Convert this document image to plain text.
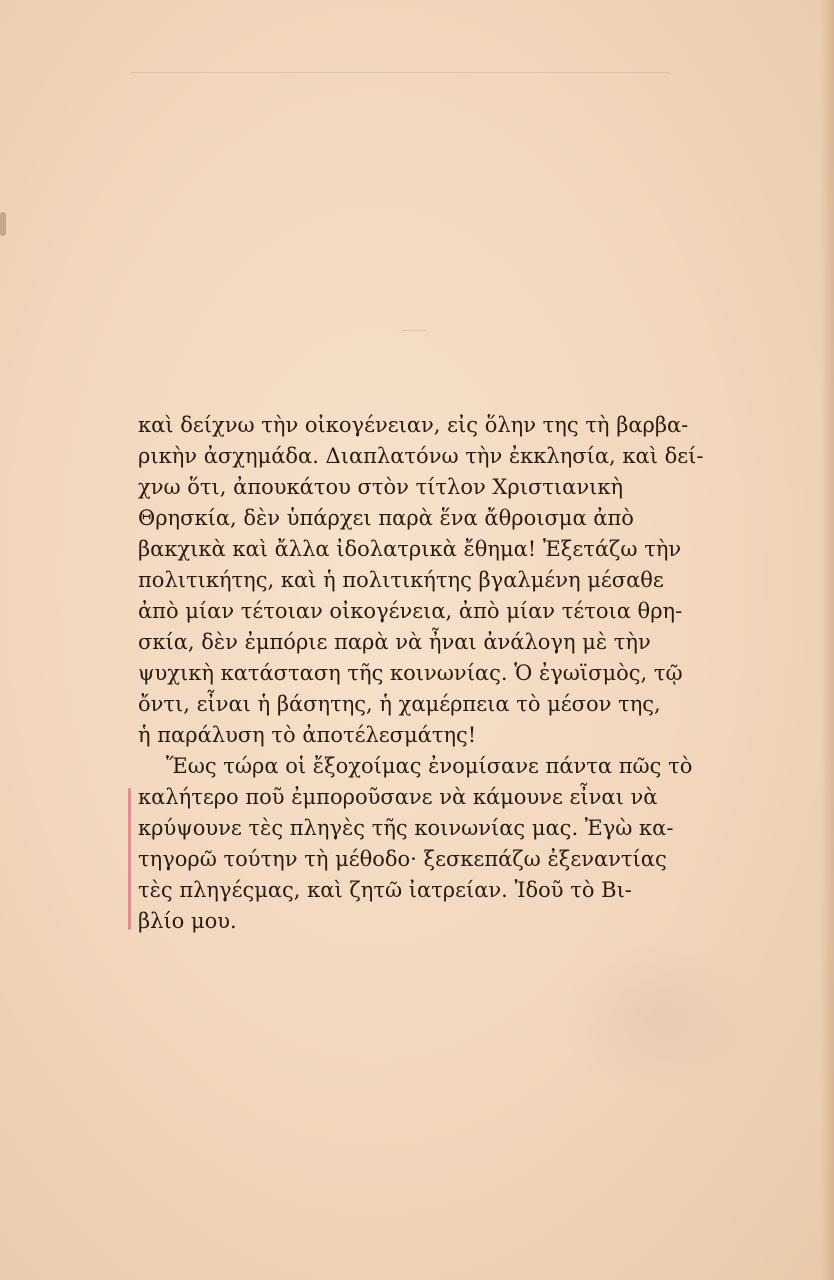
καὶ δείχνω τὴν οἰκογένειαν, εἰς ὅλην της τὴ βαρβα-
ρικὴν ἀσχημάδα. Διαπλατόνω τὴν ἐκκλησία, καὶ δεί-
χνω ὅτι, ἀπουκάτου στὸν τίτλον Χριστιανικὴ
Θρησκία, δὲν ὑπάρχει παρὰ ἕνα ἄθροισμα ἀπὸ
βακχικὰ καὶ ἄλλα ἰδολατρικὰ ἔθημα! Ἐξετάζω τὴν
πολιτικήτης, καὶ ἡ πολιτικήτης βγαλμένη μέσαθε
ἀπὸ μίαν τέτοιαν οἰκογένεια, ἀπὸ μίαν τέτοια θρη-
σκία, δὲν ἐμπόριε παρὰ νὰ ἦναι ἀνάλογη μὲ τὴν
ψυχικὴ κατάσταση τῆς κοινωνίας. Ὁ ἐγωϊσμὸς, τῷ
ὄντι, εἶναι ἡ βάσητης, ἡ χαμέρπεια τὸ μέσον της,
ἡ παράλυση τὸ ἀποτέλεσμάτης!
Ἕως τώρα οἱ ἔξοχοίμας ἐνομίσανε πάντα πῶς τὸ
καλήτερο ποῦ ἐμποροῦσανε νὰ κάμουνε εἶναι νὰ
κρύψουνε τὲς πληγὲς τῆς κοινωνίας μας. Ἐγὼ κα-
τηγορῶ τούτην τὴ μέθοδο· ξεσκεπάζω ἐξεναντίας
τὲς πληγέςμας, καὶ ζητῶ ἰατρείαν. Ἰδοῦ τὸ Βι-
βλίο μου.
